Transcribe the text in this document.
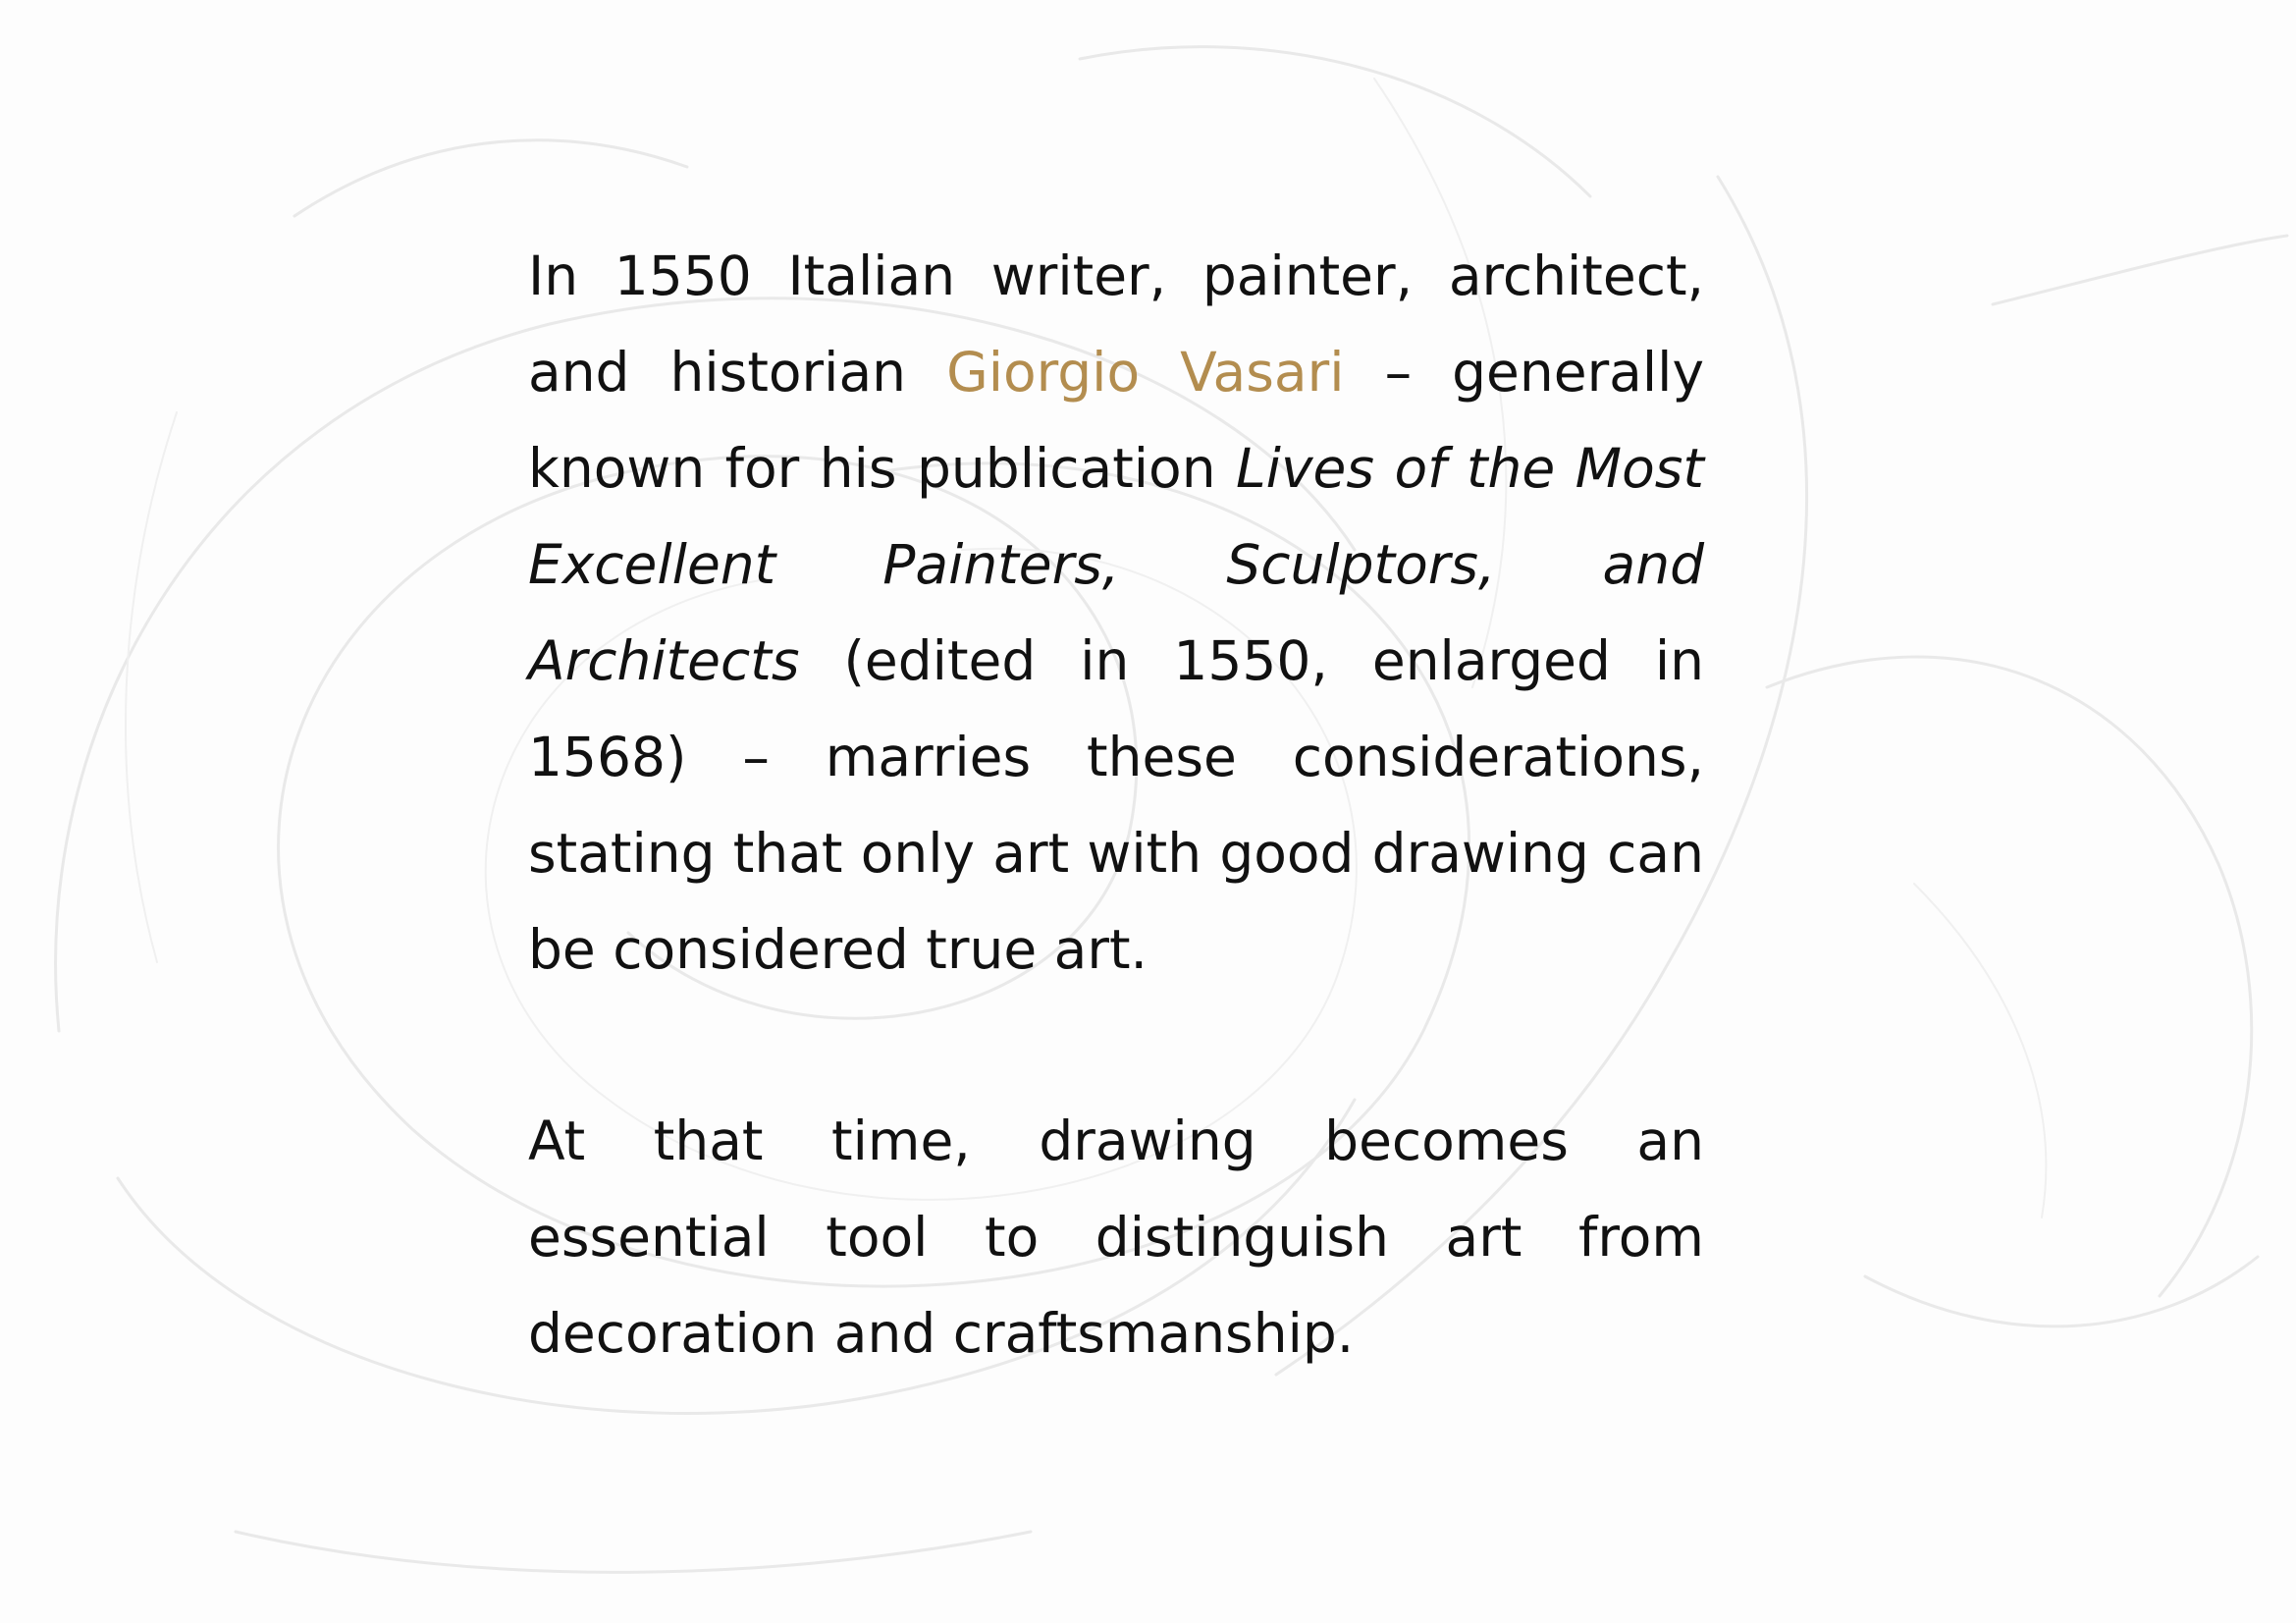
In 1550 Italian writer, painter, architect, and historian Giorgio Vasari – generally known for his publication Lives of the Most Excellent Painters, Sculptors, and Architects (edited in 1550, enlarged in 1568) – marries these considerations, stating that only art with good drawing can be considered true art.

At that time, drawing becomes an essential tool to distinguish art from decoration and craftsmanship.
